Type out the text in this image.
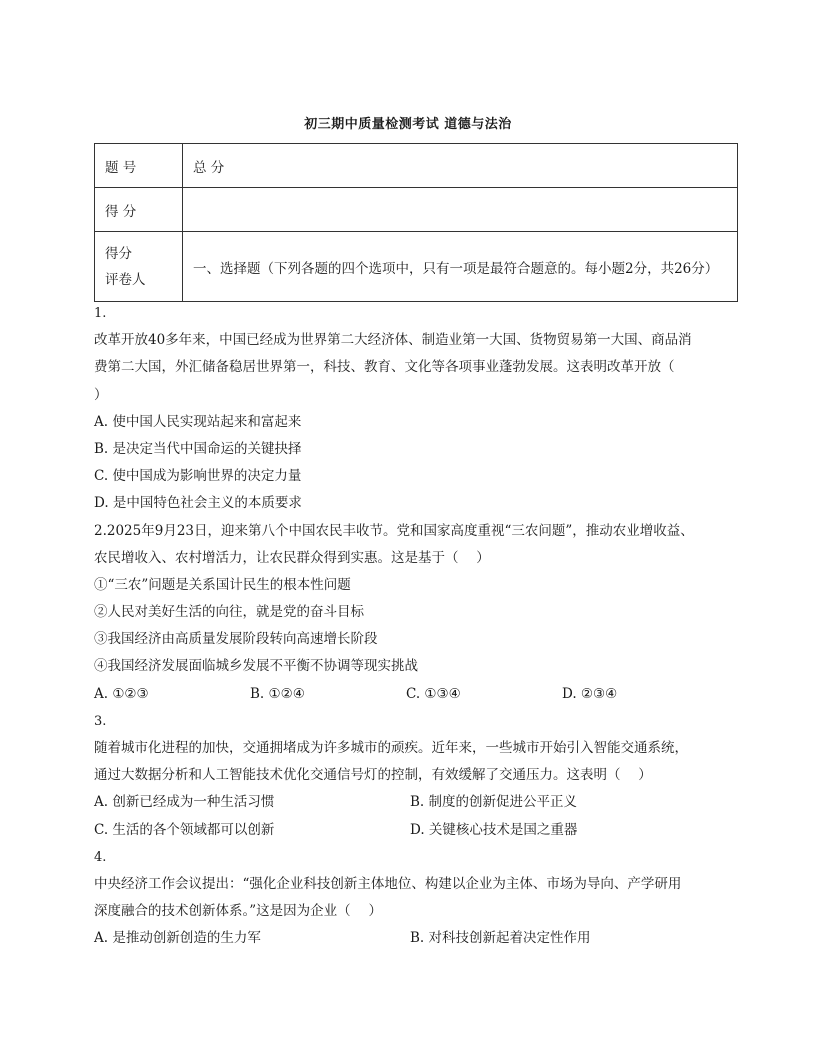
初三期中质量检测考试 道德与法治
题 号	总 分
得 分	

得分
评卷人	一、选择题（下列各题的四个选项中，只有一项是最符合题意的。每小题2分，共26分）
1.
改革开放40多年来，中国已经成为世界第二大经济体、制造业第一大国、货物贸易第一大国、商品消
费第二大国，外汇储备稳居世界第一，科技、教育、文化等各项事业蓬勃发展。这表明改革开放（
）
A. 使中国人民实现站起来和富起来
B. 是决定当代中国命运的关键抉择
C. 使中国成为影响世界的决定力量
D. 是中国特色社会主义的本质要求
2.2025年9月23日，迎来第八个中国农民丰收节。党和国家高度重视“三农问题”，推动农业增收益、
农民增收入、农村增活力，让农民群众得到实惠。这是基于（　 ）
①“三农”问题是关系国计民生的根本性问题
②人民对美好生活的向往，就是党的奋斗目标
③我国经济由高质量发展阶段转向高速增长阶段
④我国经济发展面临城乡发展不平衡不协调等现实挑战
A. ①②③	B. ①②④	C. ①③④	D. ②③④
3.
随着城市化进程的加快，交通拥堵成为许多城市的顽疾。近年来，一些城市开始引入智能交通系统，
通过大数据分析和人工智能技术优化交通信号灯的控制，有效缓解了交通压力。这表明（　 ）
A. 创新已经成为一种生活习惯	B. 制度的创新促进公平正义
C. 生活的各个领域都可以创新	D. 关键核心技术是国之重器
4.
中央经济工作会议提出：“强化企业科技创新主体地位、构建以企业为主体、市场为导向、产学研用
深度融合的技术创新体系。”这是因为企业（　 ）
A. 是推动创新创造的生力军	B. 对科技创新起着决定性作用
